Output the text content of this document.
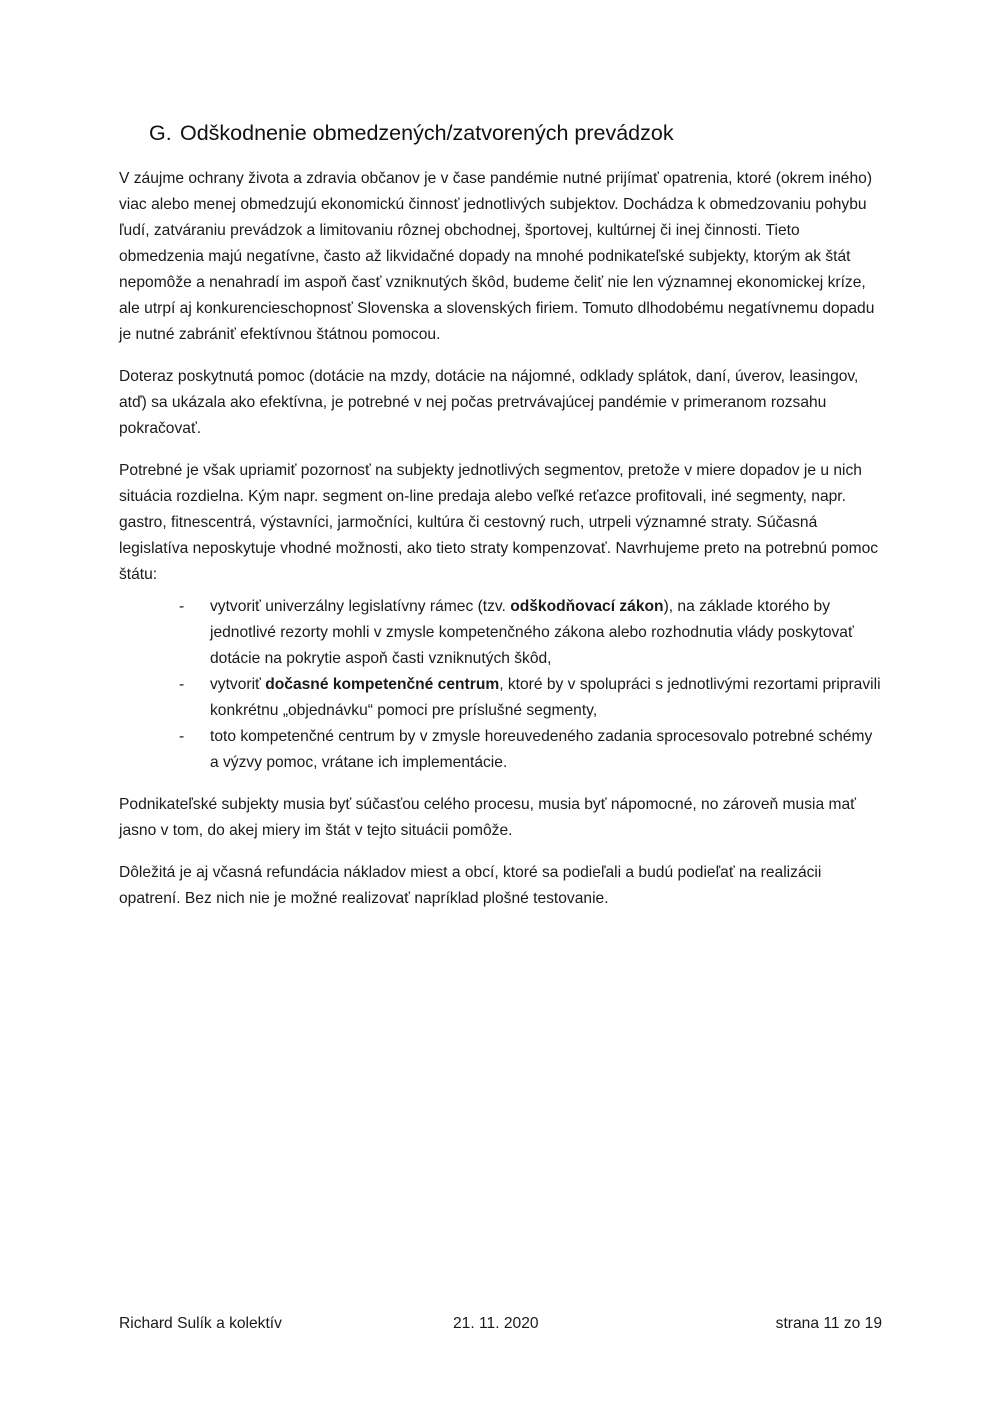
G. Odškodnenie obmedzených/zatvorených prevádzok

V záujme ochrany života a zdravia občanov je v čase pandémie nutné prijímať opatrenia, ktoré (okrem iného) viac alebo menej obmedzujú ekonomickú činnosť jednotlivých subjektov. Dochádza k obmedzovaniu pohybu ľudí, zatváraniu prevádzok a limitovaniu rôznej obchodnej, športovej, kultúrnej či inej činnosti. Tieto obmedzenia majú negatívne, často až likvidačné dopady na mnohé podnikateľské subjekty, ktorým ak štát nepomôže a nenahradí im aspoň časť vzniknutých škôd, budeme čeliť nie len významnej ekonomickej kríze, ale utrpí aj konkurencieschopnosť Slovenska a slovenských firiem. Tomuto dlhodobému negatívnemu dopadu je nutné zabrániť efektívnou štátnou pomocou.

Doteraz poskytnutá pomoc (dotácie na mzdy, dotácie na nájomné, odklady splátok, daní, úverov, leasingov, atď) sa ukázala ako efektívna, je potrebné v nej počas pretrvávajúcej pandémie v primeranom rozsahu pokračovať.

Potrebné je však upriamiť pozornosť na subjekty jednotlivých segmentov, pretože v miere dopadov je u nich situácia rozdielna. Kým napr. segment on-line predaja alebo veľké reťazce profitovali, iné segmenty, napr. gastro, fitnescentrá, výstavníci, jarmočníci, kultúra či cestovný ruch, utrpeli významné straty. Súčasná legislatíva neposkytuje vhodné možnosti, ako tieto straty kompenzovať. Navrhujeme preto na potrebnú pomoc štátu:

- vytvoriť univerzálny legislatívny rámec (tzv. odškodňovací zákon), na základe ktorého by jednotlivé rezorty mohli v zmysle kompetenčného zákona alebo rozhodnutia vlády poskytovať dotácie na pokrytie aspoň časti vzniknutých škôd,
- vytvoriť dočasné kompetenčné centrum, ktoré by v spolupráci s jednotlivými rezortami pripravili konkrétnu „objednávku“ pomoci pre príslušné segmenty,
- toto kompetenčné centrum by v zmysle horeuvedeného zadania sprocesovalo potrebné schémy a výzvy pomoc, vrátane ich implementácie.

Podnikateľské subjekty musia byť súčasťou celého procesu, musia byť nápomocné, no zároveň musia mať jasno v tom, do akej miery im štát v tejto situácii pomôže.

Dôležitá je aj včasná refundácia nákladov miest a obcí, ktoré sa podieľali a budú podieľať na realizácii opatrení. Bez nich nie je možné realizovať napríklad plošné testovanie.

Richard Sulík a kolektív	21. 11. 2020	strana 11 zo 19
